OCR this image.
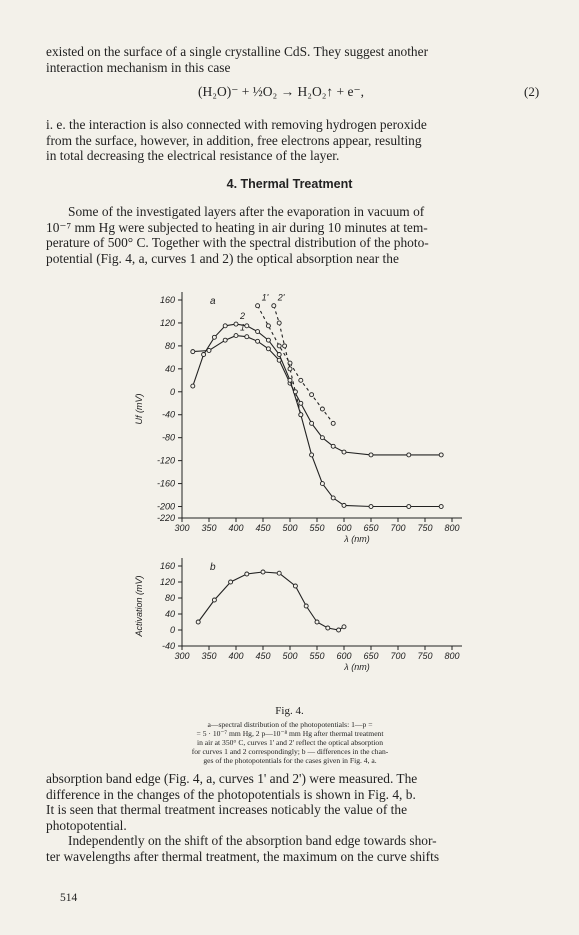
existed on the surface of a single crystalline CdS. They suggest another
interaction mechanism in this case
(H₂O)⁻ + ½O₂ → H₂O₂↑ + e⁻,	(2)
i. e. the interaction is also connected with removing hydrogen peroxide
from the surface, however, in addition, free electrons appear, resulting
in total decreasing the electrical resistance of the layer.
4. Thermal Treatment
Some of the investigated layers after the evaporation in vacuum of
10⁻⁷ mm Hg were subjected to heating in air during 10 minutes at tem-
perature of 500° C. Together with the spectral distribution of the photo-
potential (Fig. 4, a, curves 1 and 2) the optical absorption near the
160
120
80
40
0
-40
-80
-120
-160
-200
-220
300 350 400 450 500 550 600 650 700 750 800
λ (nm)
Uf (mV)
a
1
2
1' 2'
160
120
80
40
0
-40
300 350 400 450 500 550 600 650 700 750 800
λ (nm)
Activation (mV)
b
Fig. 4.
a—spectral distribution of the photopotentials: 1—p =
= 5 · 10⁻⁷ mm Hg, 2 p—10⁻⁸ mm Hg after thermal treatment
in air at 350° C, curves 1' and 2' reflect the optical absorption
for curves 1 and 2 correspondingly; b — differences in the chan-
ges of the photopotentials for the cases given in Fig. 4, a.
absorption band edge (Fig. 4, a, curves 1' and 2') were measured. The
difference in the changes of the photopotentials is shown in Fig. 4, b.
It is seen that thermal treatment increases noticably the value of the
photopotential.
Independently on the shift of the absorption band edge towards shor-
ter wavelengths after thermal treatment, the maximum on the curve shifts
514
